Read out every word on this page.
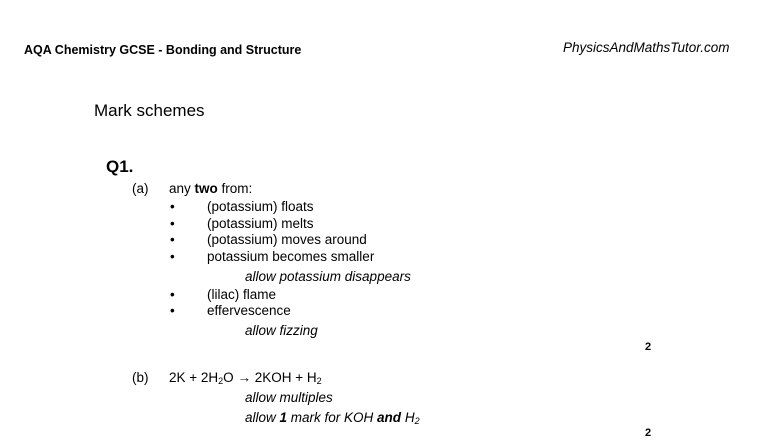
AQA Chemistry GCSE - Bonding and Structure	PhysicsAndMathsTutor.com
Mark schemes
Q1.
(a) any two from:
• (potassium) floats
• (potassium) melts
• (potassium) moves around
• potassium becomes smaller
allow potassium disappears
• (lilac) flame
• effervescence
allow fizzing
2
(b) $2K + 2H_2O \to 2KOH + H_2$
allow multiples
allow 1 mark for KOH and $H_2$
2
